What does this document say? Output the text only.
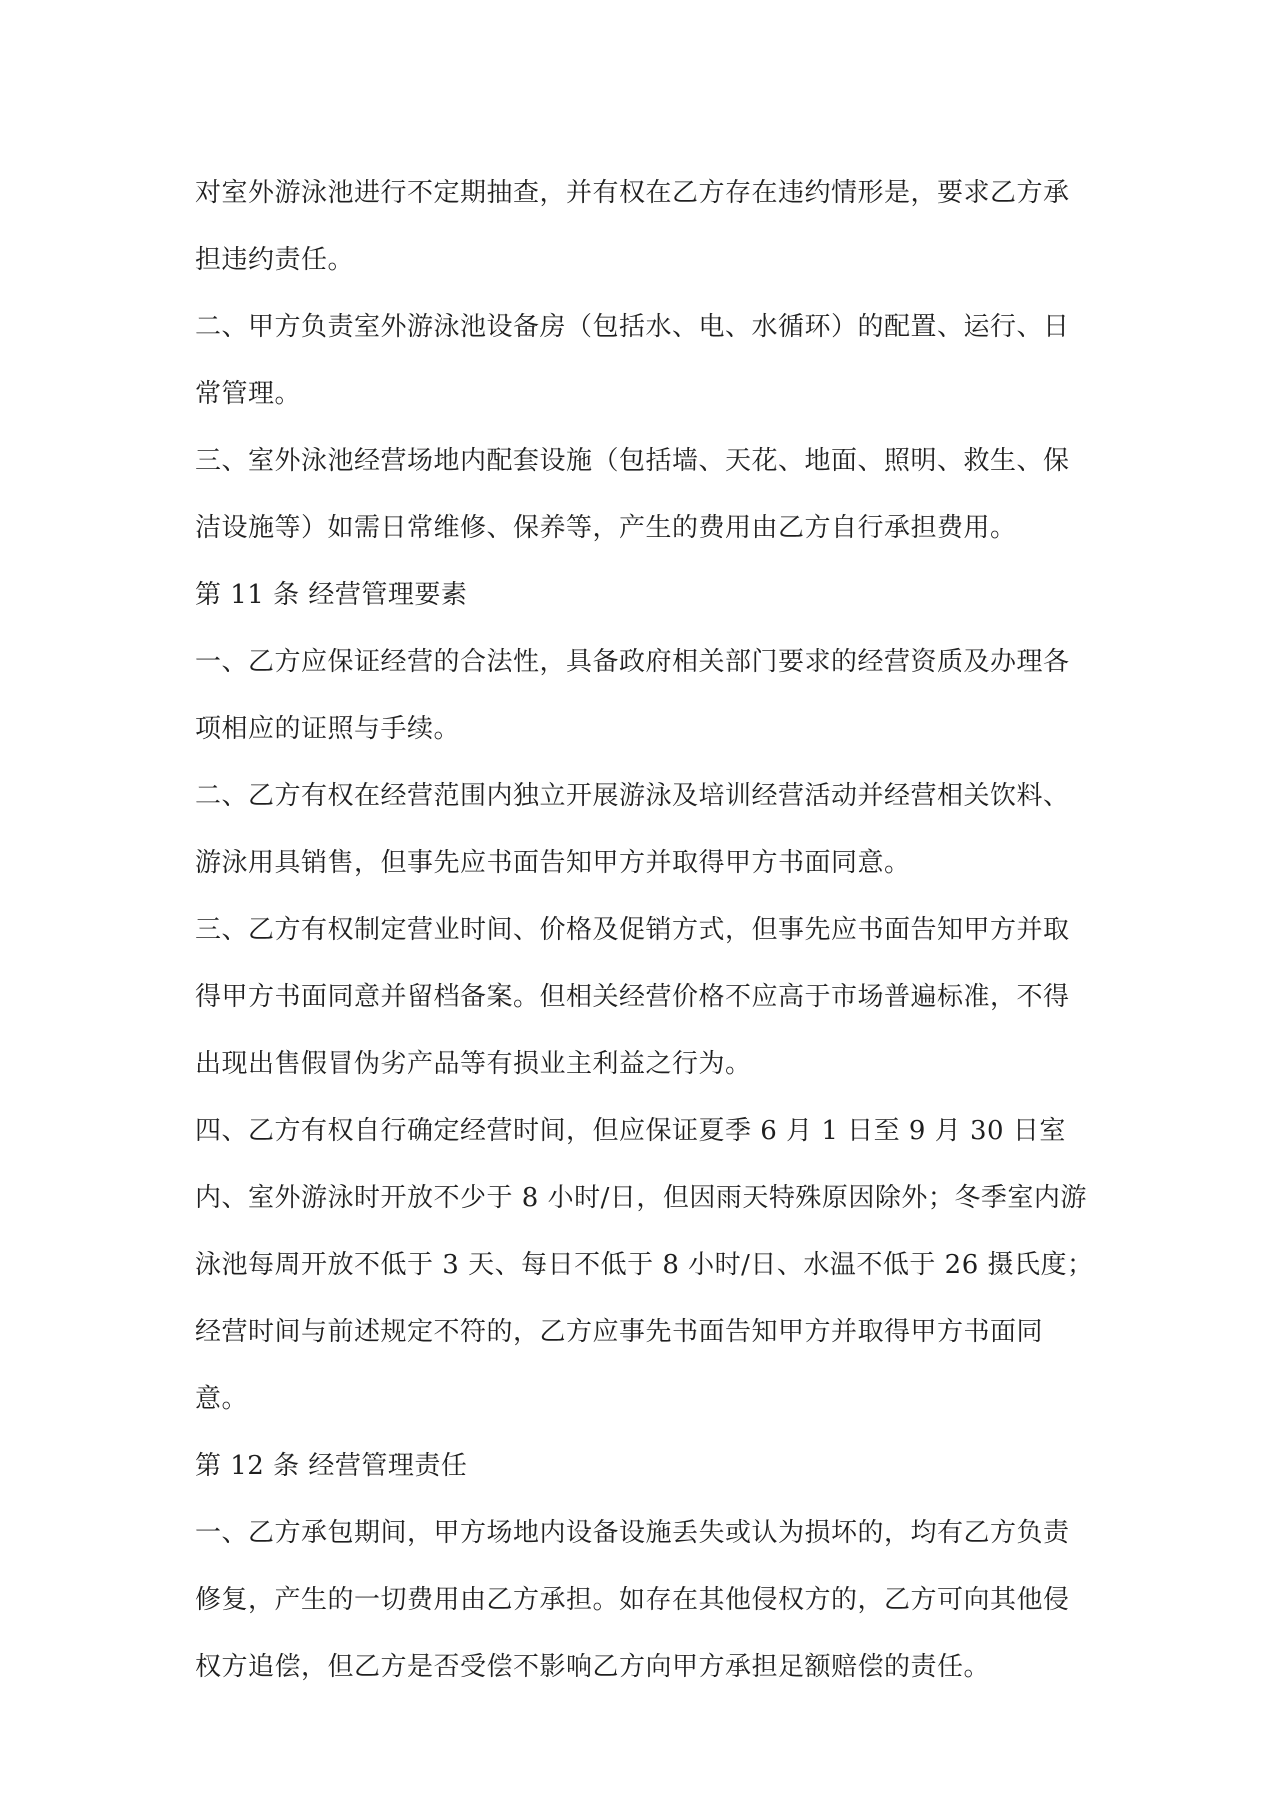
对室外游泳池进行不定期抽查，并有权在乙方存在违约情形是，要求乙方承担违约责任。

二、甲方负责室外游泳池设备房（包括水、电、水循环）的配置、运行、日常管理。

三、室外泳池经营场地内配套设施（包括墙、天花、地面、照明、救生、保洁设施等）如需日常维修、保养等，产生的费用由乙方自行承担费用。

第 11 条 经营管理要素

一、乙方应保证经营的合法性，具备政府相关部门要求的经营资质及办理各项相应的证照与手续。

二、乙方有权在经营范围内独立开展游泳及培训经营活动并经营相关饮料、游泳用具销售，但事先应书面告知甲方并取得甲方书面同意。

三、乙方有权制定营业时间、价格及促销方式，但事先应书面告知甲方并取得甲方书面同意并留档备案。但相关经营价格不应高于市场普遍标准，不得出现出售假冒伪劣产品等有损业主利益之行为。

四、乙方有权自行确定经营时间，但应保证夏季 6 月 1 日至 9 月 30 日室内、室外游泳时开放不少于 8 小时/日，但因雨天特殊原因除外；冬季室内游泳池每周开放不低于 3 天、每日不低于 8 小时/日、水温不低于 26 摄氏度；经营时间与前述规定不符的，乙方应事先书面告知甲方并取得甲方书面同意。

第 12 条 经营管理责任

一、乙方承包期间，甲方场地内设备设施丢失或认为损坏的，均有乙方负责修复，产生的一切费用由乙方承担。如存在其他侵权方的，乙方可向其他侵权方追偿，但乙方是否受偿不影响乙方向甲方承担足额赔偿的责任。
